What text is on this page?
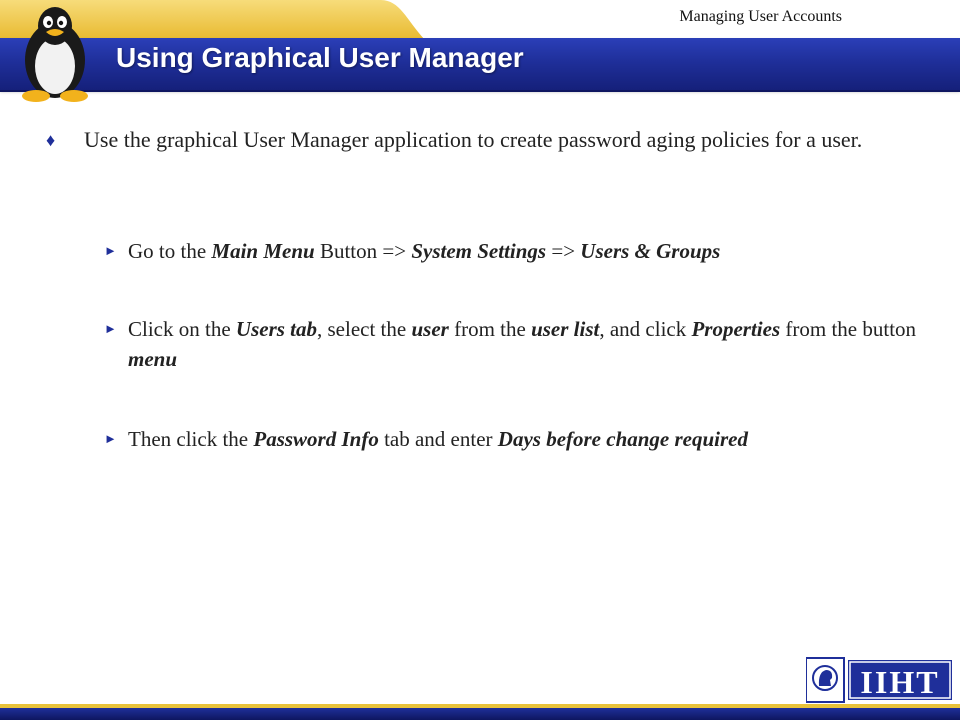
Managing User Accounts
Using Graphical User Manager
♦	Use the graphical User Manager application to create password aging policies for a user.
► Go to the Main Menu Button => System Settings => Users & Groups
► Click on the Users tab, select the user from the user list, and click Properties from the button menu
► Then click the Password Info tab and enter Days before change required
IIHT
